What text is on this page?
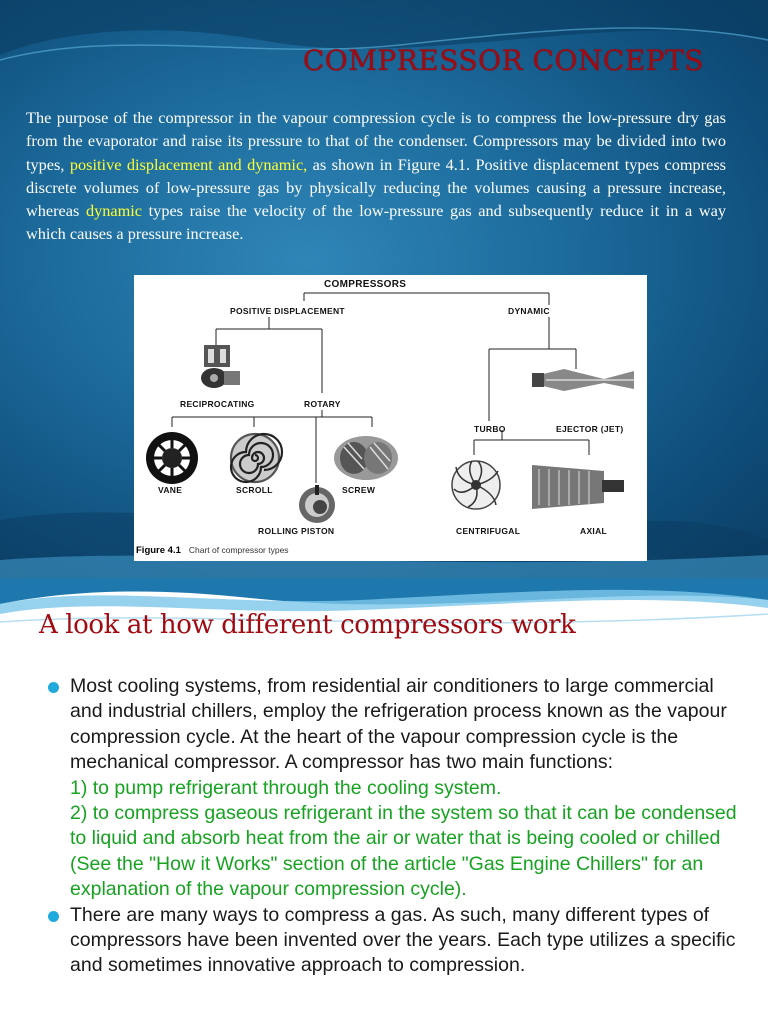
COMPRESSOR CONCEPTS
The purpose of the compressor in the vapour compression cycle is to compress the low-pressure dry gas from the evaporator and raise its pressure to that of the condenser. Compressors may be divided into two types, positive displacement and dynamic, as shown in Figure 4.1. Positive displacement types compress discrete volumes of low-pressure gas by physically reducing the volumes causing a pressure increase, whereas dynamic types raise the velocity of the low-pressure gas and subsequently reduce it in a way which causes a pressure increase.
COMPRESSORS
POSITIVE DISPLACEMENT	DYNAMIC
RECIPROCATING	ROTARY
TURBO	EJECTOR (JET)
VANE	SCROLL	SCREW
ROLLING PISTON	CENTRIFUGAL	AXIAL
Figure 4.1 Chart of compressor types
A look at how different compressors work
Most cooling systems, from residential air conditioners to large commercial and industrial chillers, employ the refrigeration process known as the vapour compression cycle. At the heart of the vapour compression cycle is the mechanical compressor. A compressor has two main functions:
1) to pump refrigerant through the cooling system.
2) to compress gaseous refrigerant in the system so that it can be condensed to liquid and absorb heat from the air or water that is being cooled or chilled (See the "How it Works" section of the article "Gas Engine Chillers" for an explanation of the vapour compression cycle).
There are many ways to compress a gas. As such, many different types of compressors have been invented over the years. Each type utilizes a specific and sometimes innovative approach to compression.
